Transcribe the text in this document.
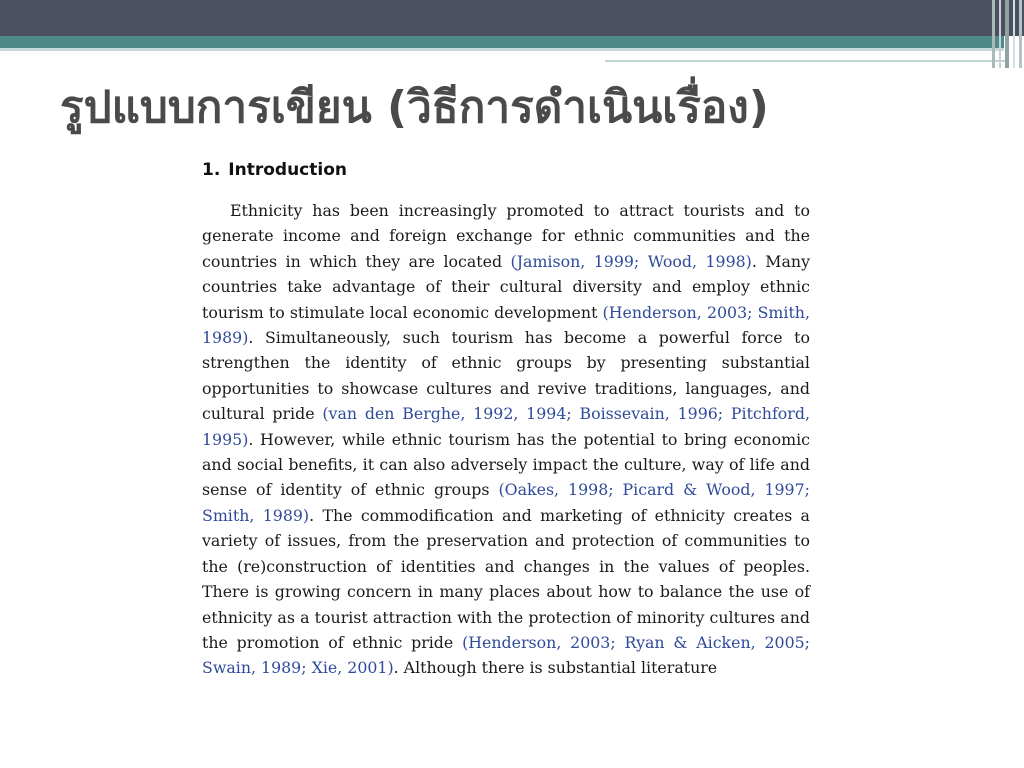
รูปแบบการเขียน (วิธีการดำเนินเรื่อง)
1. Introduction

Ethnicity has been increasingly promoted to attract tourists and to generate income and foreign exchange for ethnic communities and the countries in which they are located (Jamison, 1999; Wood, 1998). Many countries take advantage of their cultural diversity and employ ethnic tourism to stimulate local economic development (Henderson, 2003; Smith, 1989). Simultaneously, such tourism has become a powerful force to strengthen the identity of ethnic groups by presenting substantial opportunities to showcase cultures and revive traditions, languages, and cultural pride (van den Berghe, 1992, 1994; Boissevain, 1996; Pitchford, 1995). However, while ethnic tourism has the potential to bring economic and social benefits, it can also adversely impact the culture, way of life and sense of identity of ethnic groups (Oakes, 1998; Picard & Wood, 1997; Smith, 1989). The commodification and marketing of ethnicity creates a variety of issues, from the preservation and protection of communities to the (re)construction of identities and changes in the values of peoples. There is growing concern in many places about how to balance the use of ethnicity as a tourist attraction with the protection of minority cultures and the promotion of ethnic pride (Henderson, 2003; Ryan & Aicken, 2005; Swain, 1989; Xie, 2001). Although there is substantial literature
